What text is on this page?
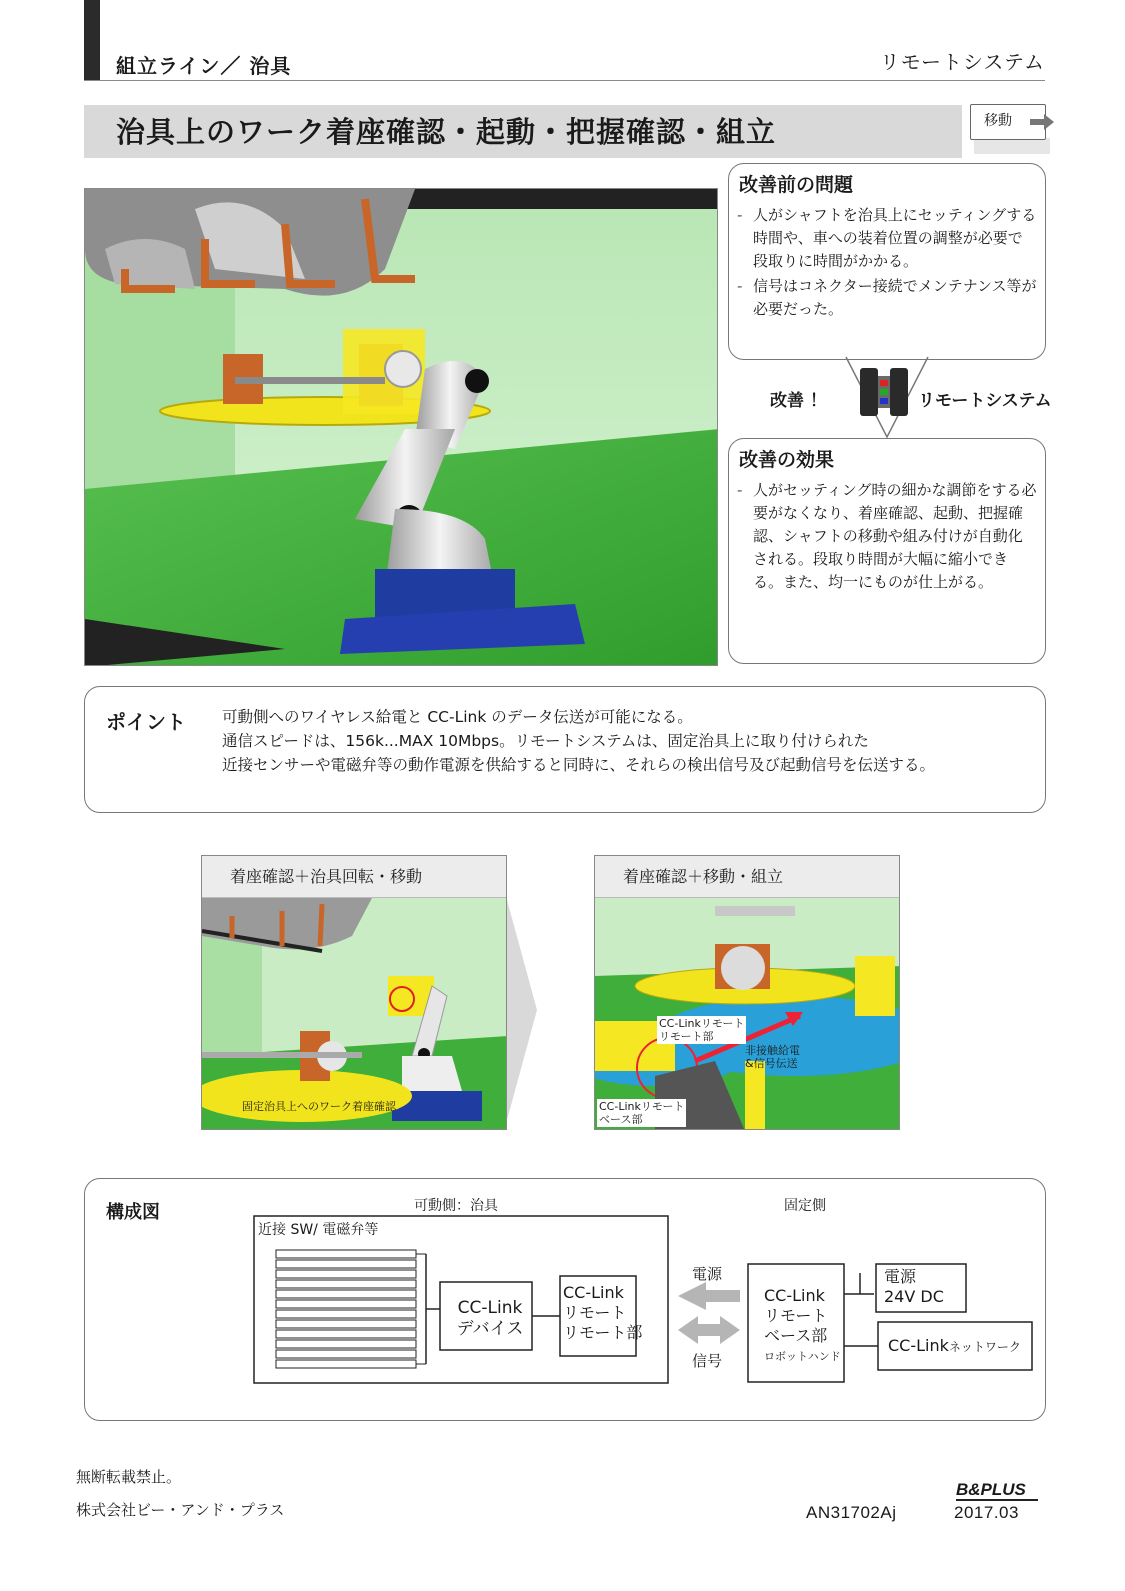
組立ライン／ 治具	リモートシステム
治具上のワーク着座確認・起動・把握確認・組立	移動
改善前の問題
- 人がシャフトを治具上にセッティングする時間や、車への装着位置の調整が必要で段取りに時間がかかる。
- 信号はコネクター接続でメンテナンス等が必要だった。
改善 ！	リモートシステム
改善の効果
- 人がセッティング時の細かな調節をする必要がなくなり、着座確認、起動、把握確認、シャフトの移動や組み付けが自動化される。段取り時間が大幅に縮小できる。また、均一にものが仕上がる。
ポイント 可動側へのワイヤレス給電と CC-Link のデータ伝送が可能になる。
通信スピードは、156k...MAX 10Mbps。リモートシステムは、固定治具上に取り付けられた
近接センサーや電磁弁等の動作電源を供給すると同時に、それらの検出信号及び起動信号を伝送する。
着座確認＋治具回転・移動
固定治具上へのワーク着座確認
着座確認＋移動・組立
CC-Linkリモート
リモート部
非接触給電
&信号伝送
CC-Linkリモート
ベース部
構成図	可動側：治具	固定側
近接 SW/ 電磁弁等
CC-Link
デバイス
CC-Link
リモート
リモート部
電源
信号
CC-Link
リモート
ベース部
ロボットハンド
電源
24V DC
CC-Linkネットワーク
無断転載禁止。
株式会社ビー・アンド・プラス
B&PLUS
AN31702Aj	2017.03
